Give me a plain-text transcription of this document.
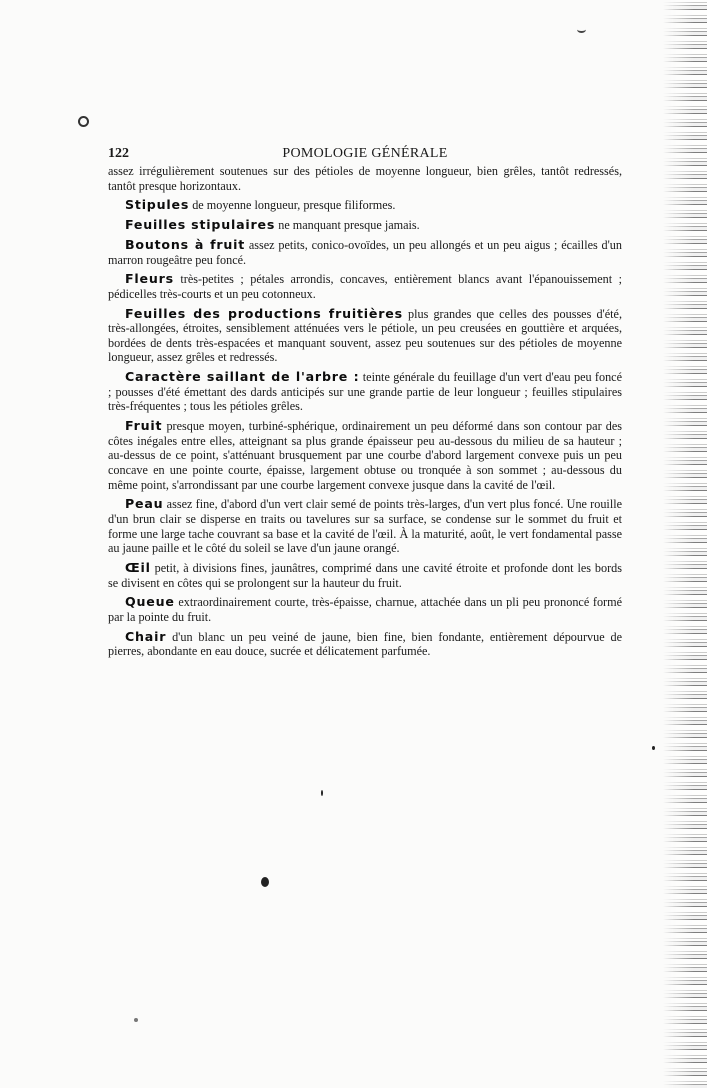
122	POMOLOGIE GÉNÉRALE

assez irrégulièrement soutenues sur des pétioles de moyenne longueur, bien grêles, tantôt redressés, tantôt presque horizontaux.

Stipules de moyenne longueur, presque filiformes.

Feuilles stipulaires ne manquant presque jamais.

Boutons à fruit assez petits, conico-ovoïdes, un peu allongés et un peu aigus ; écailles d'un marron rougeâtre peu foncé.

Fleurs très-petites ; pétales arrondis, concaves, entièrement blancs avant l'épanouissement ; pédicelles très-courts et un peu cotonneux.

Feuilles des productions fruitières plus grandes que celles des pousses d'été, très-allongées, étroites, sensiblement atténuées vers le pétiole, un peu creusées en gouttière et arquées, bordées de dents très-espacées et manquant souvent, assez peu soutenues sur des pétioles de moyenne longueur, assez grêles et redressés.

Caractère saillant de l'arbre : teinte générale du feuillage d'un vert d'eau peu foncé ; pousses d'été émettant des dards anticipés sur une grande partie de leur longueur ; feuilles stipulaires très-fréquentes ; tous les pétioles grêles.

Fruit presque moyen, turbiné-sphérique, ordinairement un peu déformé dans son contour par des côtes inégales entre elles, atteignant sa plus grande épaisseur peu au-dessous du milieu de sa hauteur ; au-dessus de ce point, s'atténuant brusquement par une courbe d'abord largement convexe puis un peu concave en une pointe courte, épaisse, largement obtuse ou tronquée à son sommet ; au-dessous du même point, s'arrondissant par une courbe largement convexe jusque dans la cavité de l'œil.

Peau assez fine, d'abord d'un vert clair semé de points très-larges, d'un vert plus foncé. Une rouille d'un brun clair se disperse en traits ou tavelures sur sa surface, se condense sur le sommet du fruit et forme une large tache couvrant sa base et la cavité de l'œil. À la maturité, août, le vert fondamental passe au jaune paille et le côté du soleil se lave d'un jaune orangé.

Œil petit, à divisions fines, jaunâtres, comprimé dans une cavité étroite et profonde dont les bords se divisent en côtes qui se prolongent sur la hauteur du fruit.

Queue extraordinairement courte, très-épaisse, charnue, attachée dans un pli peu prononcé formé par la pointe du fruit.

Chair d'un blanc un peu veiné de jaune, bien fine, bien fondante, entièrement dépourvue de pierres, abondante en eau douce, sucrée et délicatement parfumée.
